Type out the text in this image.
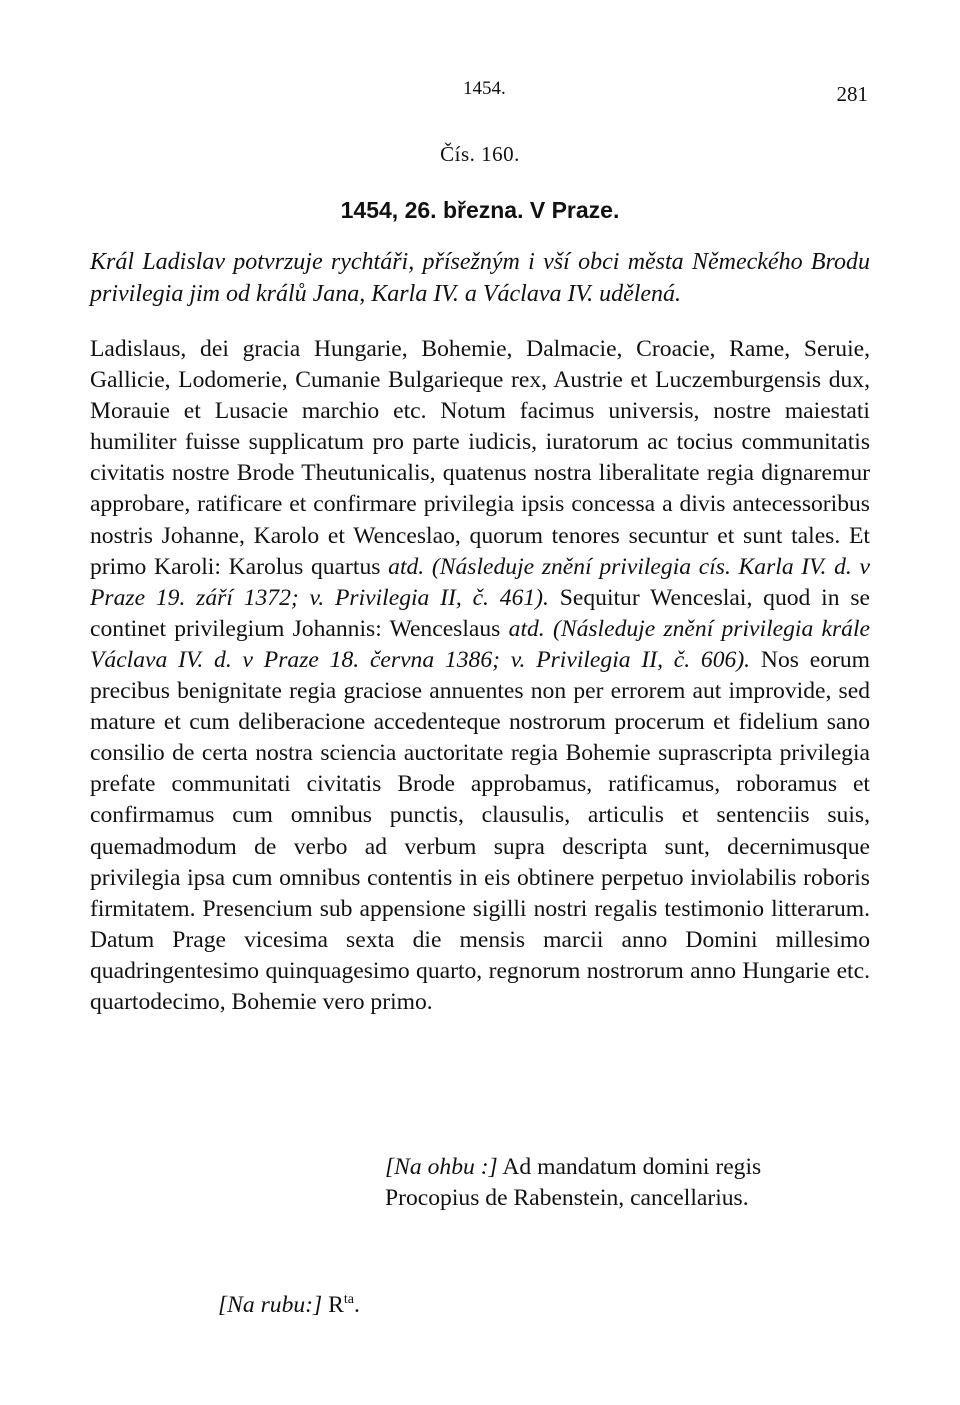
1454.	281
Čís. 160.
1454, 26. března. V Praze.
Král Ladislav potvrzuje rychtáři, přísežným i vší obci města Německého Brodu privilegia jim od králů Jana, Karla IV. a Václava IV. udělená.

Ladislaus, dei gracia Hungarie, Bohemie, Dalmacie, Croacie, Rame, Seruie, Gallicie, Lodomerie, Cumanie Bulgarieque rex, Austrie et Luczemburgensis dux, Morauie et Lusacie marchio etc. Notum facimus universis, nostre maiestati humiliter fuisse supplicatum pro parte iudicis, iuratorum ac tocius communitatis civitatis nostre Brode Theutunicalis, quatenus nostra liberalitate regia dignaremur approbare, ratificare et confirmare privilegia ipsis concessa a divis antecessoribus nostris Johanne, Karolo et Wenceslao, quorum tenores secuntur et sunt tales. Et primo Karoli: Karolus quartus atd. (Následuje znění privilegia cís. Karla IV. d. v Praze 19. září 1372; v. Privilegia II, č. 461). Sequitur Wenceslai, quod in se continet privilegium Johannis: Wenceslaus atd. (Následuje znění privilegia krále Václava IV. d. v Praze 18. června 1386; v. Privilegia II, č. 606). Nos eorum precibus benignitate regia graciose annuentes non per errorem aut improvide, sed mature et cum deliberacione accedenteque nostrorum procerum et fidelium sano consilio de certa nostra sciencia auctoritate regia Bohemie suprascripta privilegia prefate communitati civitatis Brode approbamus, ratificamus, roboramus et confirmamus cum omnibus punctis, clausulis, articulis et sentenciis suis, quemadmodum de verbo ad verbum supra descripta sunt, decernimusque privilegia ipsa cum omnibus contentis in eis obtinere perpetuo inviolabilis roboris firmitatem. Presencium sub appensione sigilli nostri regalis testimonio litterarum. Datum Prage vicesima sexta die mensis marcii anno Domini millesimo quadringentesimo quinquagesimo quarto, regnorum nostrorum anno Hungarie etc. quartodecimo, Bohemie vero primo.

[Na ohbu :] Ad mandatum domini regis
Procopius de Rabenstein, cancellarius.
[Na rubu:] $R^{ta}$.
